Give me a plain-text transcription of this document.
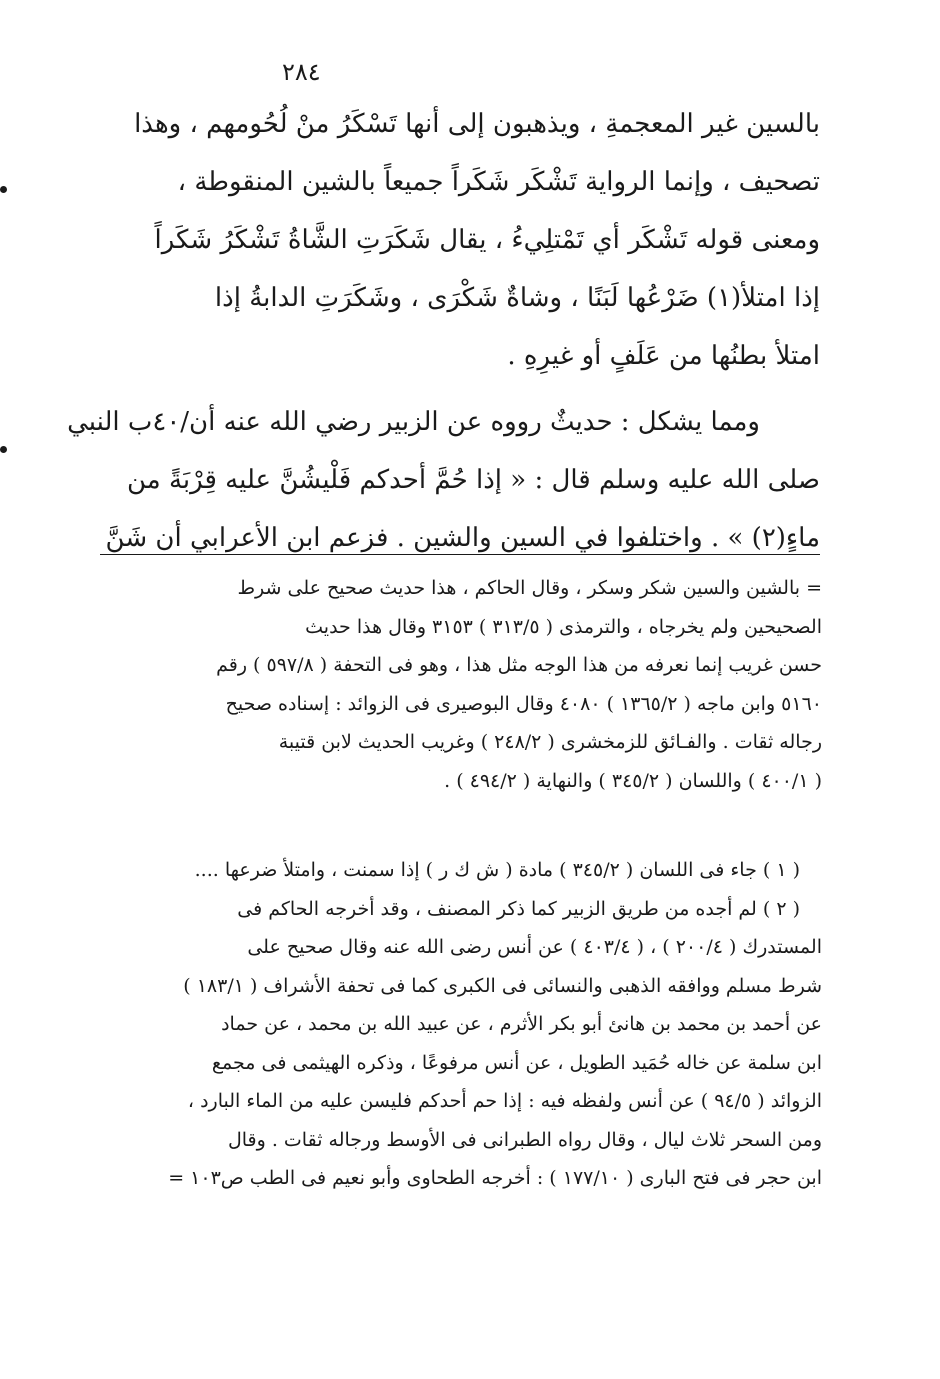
٢٨٤
بالسين غير المعجمةِ ، ويذهبون إلى أنها تَسْكَرُ منْ لُحُومهم ، وهذا
تصحيف ، وإنما الرواية تَشْكَر شَكَراً جميعاً بالشين المنقوطة ،
ومعنى قوله تَشْكَر أي تَمْتلِيءُ ، يقال شَكَرَتِ الشَّاةُ تَشْكَرُ شَكَراً
إذا امتلأ(١) ضَرْعُها لَبَنًا ، وشاةٌ شَكْرَى ، وشَكَرَتِ الدابةُ إذا
امتلأ بطنُها من عَلَفٍ أو غيرِهِ .
ومما يشكل : حديثٌ رووه عن الزبير رضي الله عنه أن/٤٠ب النبي
صلى الله عليه وسلم قال : « إذا حُمَّ أحدكم فَلْيشُنَّ عليه قِرْبَةً من
ماءٍ(٢) » . واختلفوا في السين والشين . فزعم ابن الأعرابي أن شَنَّ
= بالشين والسين شكر وسكر ، وقال الحاكم ، هذا حديث صحيح على شرط
الصحيحين ولم يخرجاه ، والترمذى ( ٣١٣/٥ ) ٣١٥٣ وقال هذا حديث
حسن غريب إنما نعرفه من هذا الوجه مثل هذا ، وهو فى التحفة ( ٥٩٧/٨ ) رقم
٥١٦٠ وابن ماجه ( ١٣٦٥/٢ ) ٤٠٨٠ وقال البوصيرى فى الزوائد : إسناده صحيح
رجاله ثقات . والفـائق للزمخشرى ( ٢٤٨/٢ ) وغريب الحديث لابن قتيبة
( ٤٠٠/١ ) واللسان ( ٣٤٥/٢ ) والنهاية ( ٤٩٤/٢ ) .
( ١ ) جاء فى اللسان ( ٣٤٥/٢ ) مادة ( ش ك ر ) إذا سمنت ، وامتلأ ضرعها ....
( ٢ ) لم أجده من طريق الزبير كما ذكر المصنف ، وقد أخرجه الحاكم فى
المستدرك ( ٢٠٠/٤ ) ، ( ٤٠٣/٤ ) عن أنس رضى الله عنه وقال صحيح على
شرط مسلم ووافقه الذهبى والنسائى فى الكبرى كما فى تحفة الأشراف ( ١٨٣/١ )
عن أحمد بن محمد بن هانئ أبو بكر الأثرم ، عن عبيد الله بن محمد ، عن حماد
ابن سلمة عن خاله حُمَيد الطويل ، عن أنس مرفوعًا ، وذكره الهيثمى فى مجمع
الزوائد ( ٩٤/٥ ) عن أنس ولفظه فيه : إذا حم أحدكم فليسن عليه من الماء البارد ،
ومن السحر ثلاث ليال ، وقال رواه الطبرانى فى الأوسط ورجاله ثقات . وقال
ابن حجر فى فتح البارى ( ١٧٧/١٠ ) : أخرجه الطحاوى وأبو نعيم فى الطب ص١٠٣ =
